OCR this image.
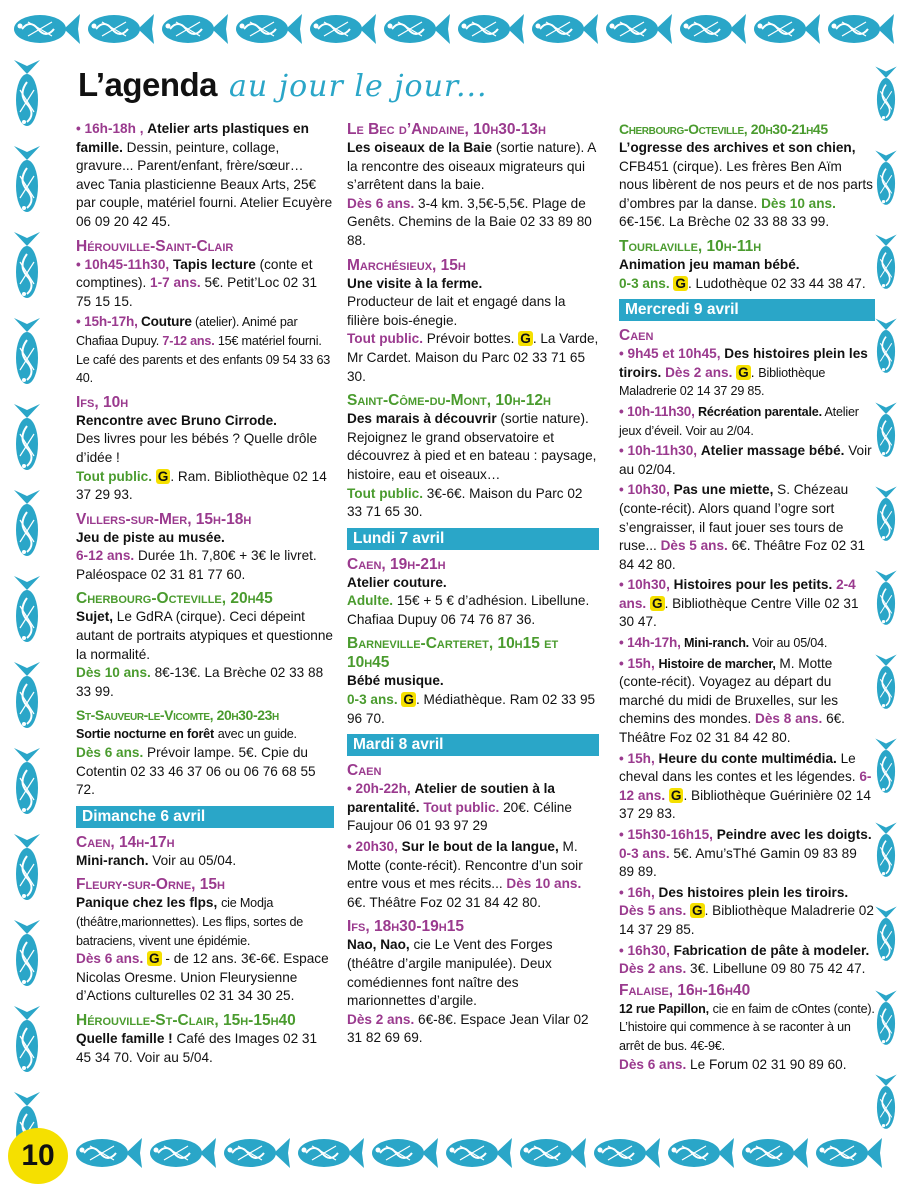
10
L’agenda au jour le jour...

• 16h-18h , Atelier arts plastiques en famille. Dessin, peinture, collage, gravure... Parent/enfant, frère/sœur… avec Tania plasticienne Beaux Arts, 25€ par couple, matériel fourni. Atelier Ecuyère 06 09 20 42 45.

Hérouville-Saint-Clair

• 10h45-11h30, Tapis lecture (conte et comptines). 1-7 ans. 5€. Petit’Loc 02 31 75 15 15.

• 15h-17h, Couture (atelier). Animé par Chafiaa Dupuy. 7-12 ans. 15€ matériel fourni. Le café des parents et des enfants 09 54 33 63 40.

Ifs, 10h

Rencontre avec Bruno Cirrode.
Des livres pour les bébés ? Quelle drôle d’idée !
Tout public. G . Ram. Bibliothèque 02 14 37 29 93.

Villers-sur-Mer, 15h-18h

Jeu de piste au musée.
6-12 ans. Durée 1h. 7,80€ + 3€ le livret. Paléospace 02 31 81 77 60.

Cherbourg-Octeville, 20h45

Sujet, Le GdRA (cirque). Ceci dépeint autant de portraits atypiques et questionne la normalité.
Dès 10 ans. 8€-13€. La Brèche 02 33 88 33 99.

St-Sauveur-le-Vicomte, 20h30-23h

Sortie nocturne en forêt avec un guide.
Dès 6 ans. Prévoir lampe. 5€. Cpie du Cotentin 02 33 46 37 06 ou 06 76 68 55 72.

Dimanche 6 avril
Caen, 14h-17h

Mini-ranch. Voir au 05/04.

Fleury-sur-Orne, 15h

Panique chez les flps, cie Modja (théâtre,marionnettes). Les flips, sortes de batraciens, vivent une épidémie.
Dès 6 ans. G - de 12 ans. 3€-6€. Espace Nicolas Oresme. Union Fleurysienne d’Actions culturelles 02 31 34 30 25.

Hérouville-St-Clair, 15h-15h40

Quelle famille ! Café des Images 02 31 45 34 70. Voir au 5/04.

Le Bec d’Andaine, 10h30-13h

Les oiseaux de la Baie (sortie nature). A la rencontre des oiseaux migrateurs qui s’arrêtent dans la baie.
Dès 6 ans. 3-4 km. 3,5€-5,5€. Plage de Genêts. Chemins de la Baie 02 33 89 80 88.

Marchésieux, 15h

Une visite à la ferme.
Producteur de lait et engagé dans la filière bois-énegie.
Tout public. Prévoir bottes. G . La Varde, Mr Cardet. Maison du Parc 02 33 71 65 30.

Saint-Côme-du-Mont, 10h-12h

Des marais à découvrir (sortie nature). Rejoignez le grand observatoire et découvrez à pied et en bateau : paysage, histoire, eau et oiseaux…
Tout public. 3€-6€. Maison du Parc 02 33 71 65 30.

Lundi 7 avril
Caen, 19h-21h

Atelier couture.
Adulte. 15€ + 5 € d’adhésion. Libellune. Chafiaa Dupuy 06 74 76 87 36.

Barneville-Carteret, 10h15 et 10h45

Bébé musique.
0-3 ans. G . Médiathèque. Ram 02 33 95 96 70.

Mardi 8 avril
Caen

• 20h-22h, Atelier de soutien à la parentalité. Tout public. 20€. Céline Faujour 06 01 93 97 29

• 20h30, Sur le bout de la langue, M. Motte (conte-récit). Rencontre d’un soir entre vous et mes récits... Dès 10 ans. 6€. Théâtre Foz 02 31 84 42 80.

Ifs, 18h30-19h15

Nao, Nao, cie Le Vent des Forges (théâtre d’argile manipulée). Deux comédiennes font naître des marionnettes d’argile.
Dès 2 ans. 6€-8€. Espace Jean Vilar 02 31 82 69 69.

Cherbourg-Octeville, 20h30-21h45

L’ogresse des archives et son chien, CFB451 (cirque). Les frères Ben Aïm nous libèrent de nos peurs et de nos parts d’ombres par la danse. Dès 10 ans. 6€-15€. La Brèche 02 33 88 33 99.

Tourlaville, 10h-11h

Animation jeu maman bébé.
0-3 ans. G . Ludothèque 02 33 44 38 47.

Mercredi 9 avril
Caen

• 9h45 et 10h45, Des histoires plein les tiroirs. Dès 2 ans. G . Bibliothèque Maladrerie 02 14 37 29 85.

• 10h-11h30, Récréation parentale. Atelier jeux d’éveil. Voir au 2/04.

• 10h-11h30, Atelier massage bébé. Voir au 02/04.

• 10h30, Pas une miette, S. Chézeau (conte-récit). Alors quand l’ogre sort s’engraisser, il faut jouer ses tours de ruse... Dès 5 ans. 6€. Théâtre Foz 02 31 84 42 80.

• 10h30, Histoires pour les petits. 2-4 ans. G . Bibliothèque Centre Ville 02 31 30 47.

• 14h-17h, Mini-ranch. Voir au 05/04.

• 15h, Histoire de marcher, M. Motte (conte-récit). Voyagez au départ du marché du midi de Bruxelles, sur les chemins des mondes. Dès 8 ans. 6€. Théâtre Foz 02 31 84 42 80.

• 15h, Heure du conte multimédia. Le cheval dans les contes et les légendes. 6-12 ans. G . Bibliothèque Guérinière 02 14 37 29 83.

• 15h30-16h15, Peindre avec les doigts. 0-3 ans. 5€. Amu’sThé Gamin 09 83 89 89 89.

• 16h, Des histoires plein les tiroirs. Dès 5 ans. G . Bibliothèque Maladrerie 02 14 37 29 85.

• 16h30, Fabrication de pâte à modeler. Dès 2 ans. 3€. Libellune 09 80 75 42 47.

Falaise, 16h-16h40

12 rue Papillon, cie en faim de cOntes (conte). L’histoire qui commence à se raconter à un arrêt de bus. 4€-9€.
Dès 6 ans. Le Forum 02 31 90 89 60.
